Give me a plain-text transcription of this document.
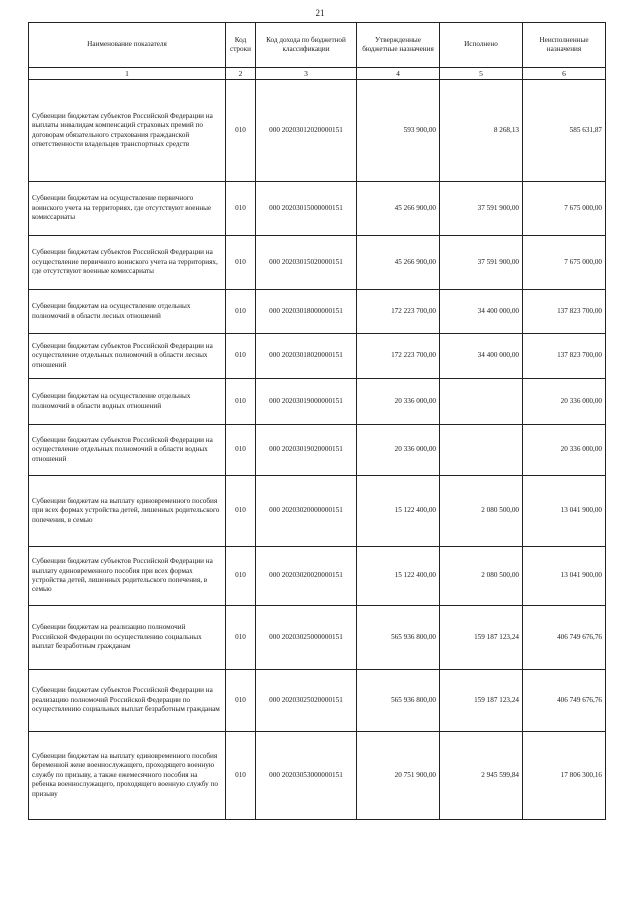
21
Наименование показателя	Код строки	Код дохода по бюджетной классификации	Утвержденные бюджетные назначения	Исполнено	Неисполненные назначения
1	2	3	4	5	6
Субвенции бюджетам субъектов Российской Федерации на выплаты инвалидам компенсаций страховых премий по договорам обязательного страхования гражданской ответственности владельцев транспортных средств	010	000 20203012020000151	593 900,00	8 268,13	585 631,87
Субвенции бюджетам на осуществление первичного воинского учета на территориях, где отсутствуют военные комиссариаты	010	000 20203015000000151	45 266 900,00	37 591 900,00	7 675 000,00
Субвенции бюджетам субъектов Российской Федерации на осуществление первичного воинского учета на территориях, где отсутствуют военные комиссариаты	010	000 20203015020000151	45 266 900,00	37 591 900,00	7 675 000,00
Субвенции бюджетам на осуществление отдельных полномочий в области лесных отношений	010	000 20203018000000151	172 223 700,00	34 400 000,00	137 823 700,00
Субвенции бюджетам субъектов Российской Федерации на осуществление отдельных полномочий в области лесных отношений	010	000 20203018020000151	172 223 700,00	34 400 000,00	137 823 700,00
Субвенции бюджетам на осуществление отдельных полномочий в области водных отношений	010	000 20203019000000151	20 336 000,00		20 336 000,00
Субвенции бюджетам субъектов Российской Федерации на осуществление отдельных полномочий в области водных отношений	010	000 20203019020000151	20 336 000,00		20 336 000,00
Субвенции бюджетам на выплату единовременного пособия при всех формах устройства детей, лишенных родительского попечения, в семью	010	000 20203020000000151	15 122 400,00	2 080 500,00	13 041 900,00
Субвенции бюджетам субъектов Российской Федерации на выплату единовременного пособия при всех формах устройства детей, лишенных родительского попечения, в семью	010	000 20203020020000151	15 122 400,00	2 080 500,00	13 041 900,00
Субвенции бюджетам на реализацию полномочий Российской Федерации по осуществлению социальных выплат безработным гражданам	010	000 20203025000000151	565 936 800,00	159 187 123,24	406 749 676,76
Субвенции бюджетам субъектов Российской Федерации на реализацию полномочий Российской Федерации по осуществлению социальных выплат безработным гражданам	010	000 20203025020000151	565 936 800,00	159 187 123,24	406 749 676,76
Субвенции бюджетам на выплату единовременного пособия беременной жене военнослужащего, проходящего военную службу по призыву, а также ежемесячного пособия на ребенка военнослужащего, проходящего военную службу по призыву	010	000 20203053000000151	20 751 900,00	2 945 599,84	17 806 300,16
